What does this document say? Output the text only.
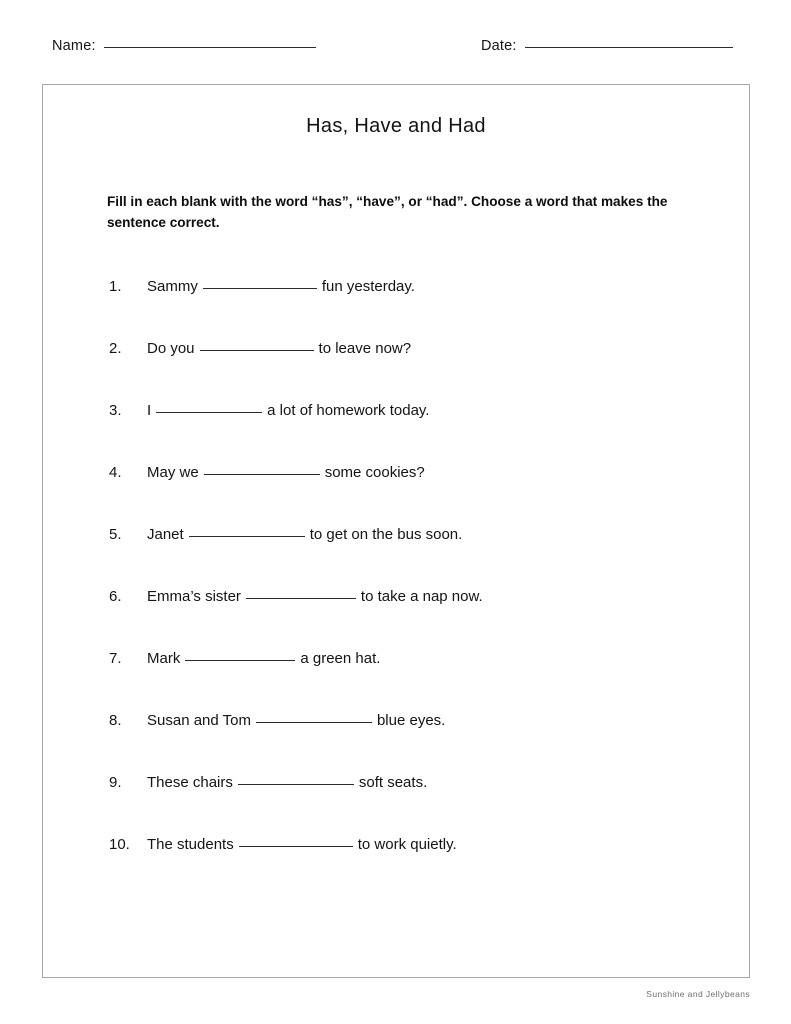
Name:	Date:
Has, Have and Had
Fill in each blank with the word “has”, “have”, or “had”. Choose a word that makes the sentence correct.
1.	Sammy	fun yesterday.
2.	Do you	to leave now?
3.	I	a lot of homework today.
4.	May we	some cookies?
5.	Janet	to get on the bus soon.
6.	Emma’s sister	to take a nap now.
7.	Mark	a green hat.
8.	Susan and Tom	blue eyes.
9.	These chairs	soft seats.
10.	The students	to work quietly.
Sunshine and Jellybeans
